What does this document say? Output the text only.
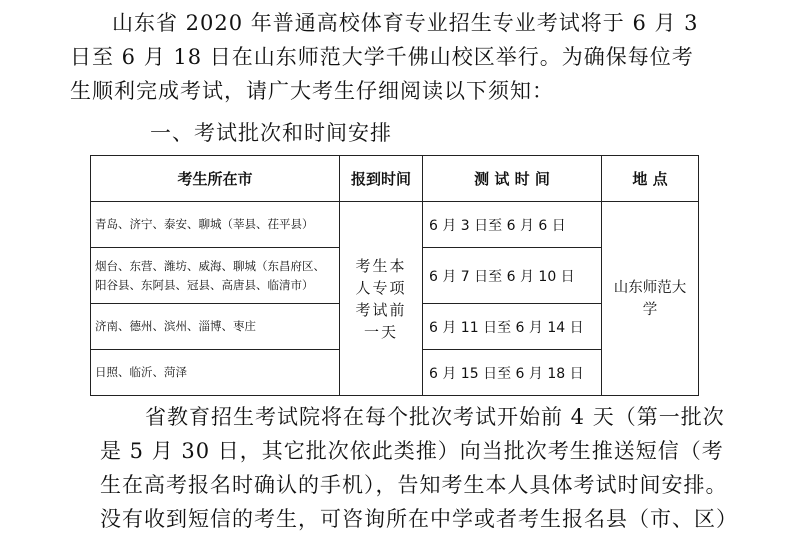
山东省 2020 年普通高校体育专业招生专业考试将于 6 月 3
日至 6 月 18 日在山东师范大学千佛山校区举行。为确保每位考
生顺利完成考试，请广大考生仔细阅读以下须知：
一、考试批次和时间安排
考生所在市	报到时间	测 试 时 间	地 点
青岛、济宁、泰安、聊城（莘县、茌平县）	考生本人专项考试前一天	6 月 3 日至 6 月 6 日	山东师范大学
烟台、东营、潍坊、威海、聊城（东昌府区、阳谷县、东阿县、冠县、高唐县、临清市）		6 月 7 日至 6 月 10 日	
济南、德州、滨州、淄博、枣庄		6 月 11 日至 6 月 14 日	
日照、临沂、菏泽		6 月 15 日至 6 月 18 日	
省教育招生考试院将在每个批次考试开始前 4 天（第一批次
是 5 月 30 日，其它批次依此类推）向当批次考生推送短信（考
生在高考报名时确认的手机），告知考生本人具体考试时间安排。
没有收到短信的考生，可咨询所在中学或者考生报名县（市、区）
